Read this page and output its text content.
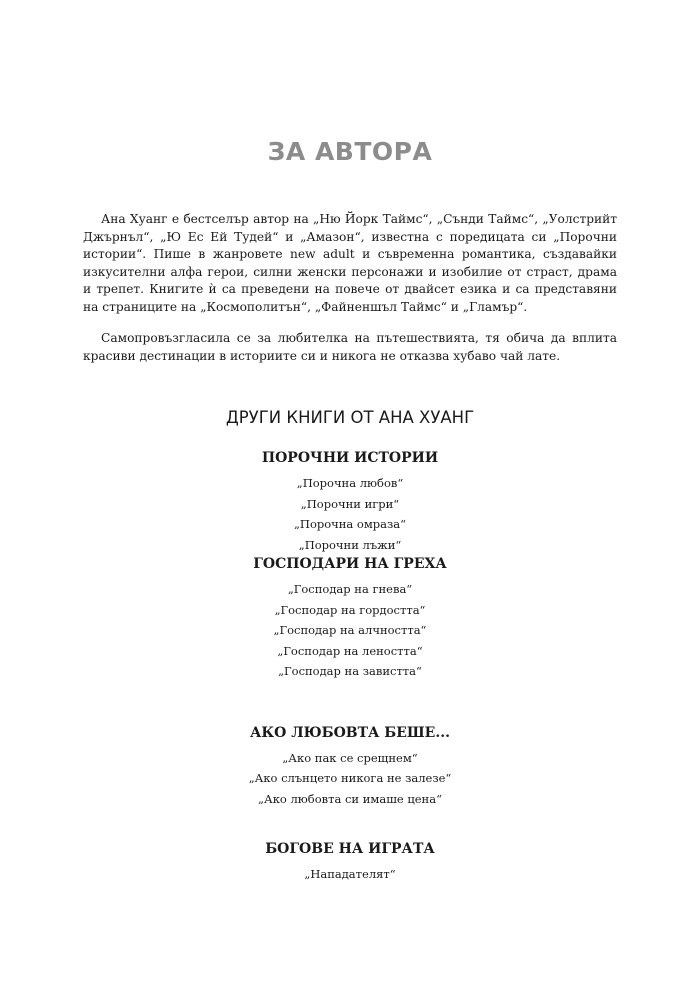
ЗА АВТОРА

Ана Хуанг е бестселър автор на „Ню Йорк Таймс“, „Сънди Таймс“, „Уолстрийт Джърнъл“, „Ю Ес Ей Тудей“ и „Амазон“, известна с поредицата си „Порочни истории“. Пише в жанровете new adult и съвременна романтика, създавайки изкусителни алфа герои, силни женски персонажи и изобилие от страст, драма и трепет. Книгите ѝ са преведени на повече от двайсет езика и са представяни на страниците на „Космополитън“, „Файненшъл Таймс“ и „Гламър“.

Самопровъзгласила се за любителка на пътешествията, тя обича да вплита красиви дестинации в историите си и никога не отказва хубаво чай лате.

ДРУГИ КНИГИ ОТ АНА ХУАНГ
ПОРОЧНИ ИСТОРИИ
„Порочна любов“
„Порочни игри“
„Порочна омраза“
„Порочни лъжи“
ГОСПОДАРИ НА ГРЕХА
„Господар на гнева“
„Господар на гордостта“
„Господар на алчността“
„Господар на леността“
„Господар на завистта“
АКО ЛЮБОВТА БЕШЕ...
„Ако пак се срещнем“
„Ако слънцето никога не залезе“
„Ако любовта си имаше цена“
БОГОВЕ НА ИГРАТА
„Нападателят“
